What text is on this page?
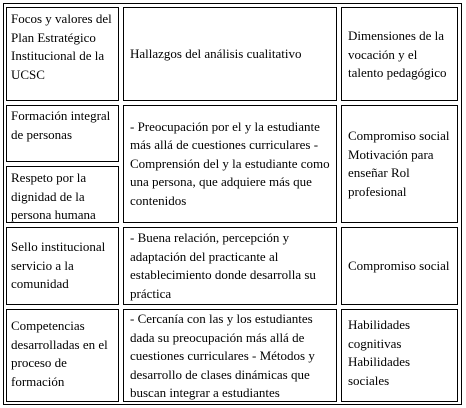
Focos y valores del Plan Estratégico Institucional de la UCSC
Hallazgos del análisis cualitativo
Dimensiones de la vocación y el talento pedagógico
Formación integral de personas
Respeto por la dignidad de la persona humana
- Preocupación por el y la estudiante más allá de cuestiones curriculares - Comprensión del y la estudiante como una persona, que adquiere más que contenidos
Compromiso social Motivación para enseñar Rol profesional
Sello institucional servicio a la comunidad
- Buena relación, percepción y adaptación del practicante al establecimiento donde desarrolla su práctica
Compromiso social
Competencias desarrolladas en el proceso de formación
- Cercanía con las y los estudiantes dada su preocupación más allá de cuestiones curriculares - Métodos y desarrollo de clases dinámicas que buscan integrar a estudiantes
Habilidades cognitivas Habilidades sociales
